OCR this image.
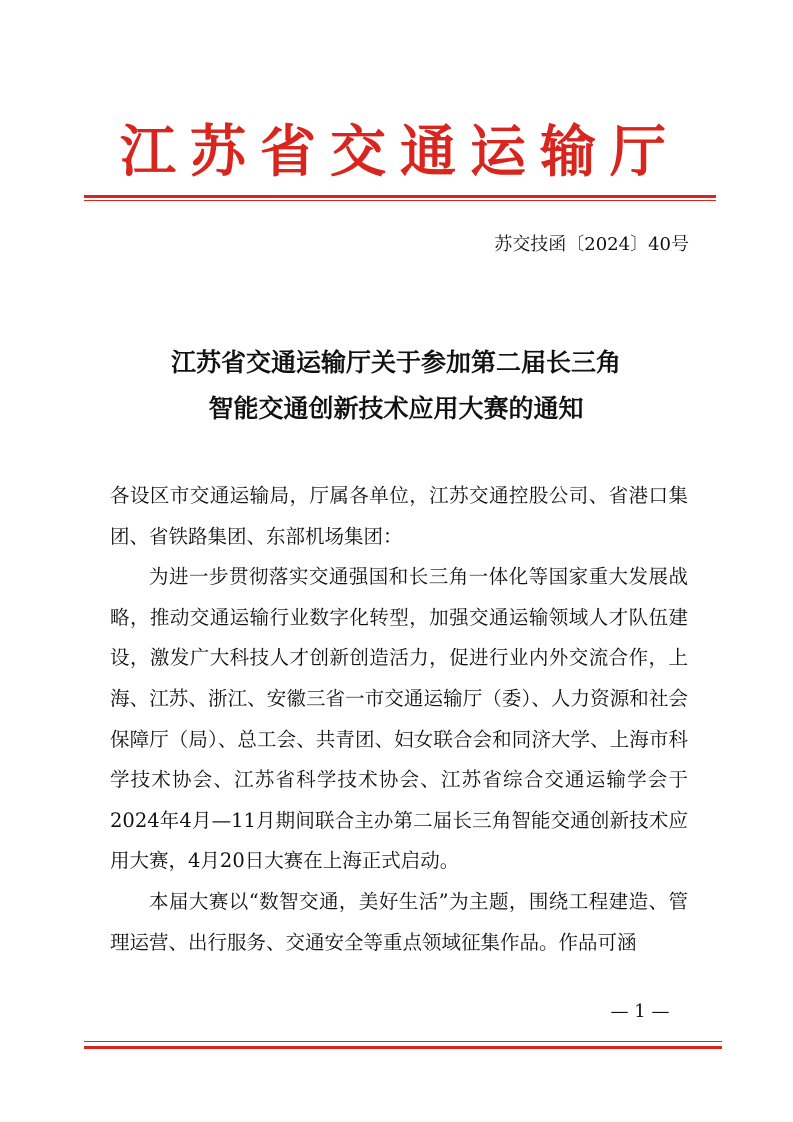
江苏省交通运输厅
苏交技函〔2024〕40号
江苏省交通运输厅关于参加第二届长三角
智能交通创新技术应用大赛的通知

各设区市交通运输局，厅属各单位，江苏交通控股公司、省港口集团、省铁路集团、东部机场集团：

为进一步贯彻落实交通强国和长三角一体化等国家重大发展战略，推动交通运输行业数字化转型，加强交通运输领域人才队伍建设，激发广大科技人才创新创造活力，促进行业内外交流合作，上海、江苏、浙江、安徽三省一市交通运输厅（委）、人力资源和社会保障厅（局）、总工会、共青团、妇女联合会和同济大学、上海市科学技术协会、江苏省科学技术协会、江苏省综合交通运输学会于2024年4月—11月期间联合主办第二届长三角智能交通创新技术应用大赛，4月20日大赛在上海正式启动。

本届大赛以“数智交通，美好生活”为主题，围绕工程建造、管理运营、出行服务、交通安全等重点领域征集作品。作品可涵

— 1 —
